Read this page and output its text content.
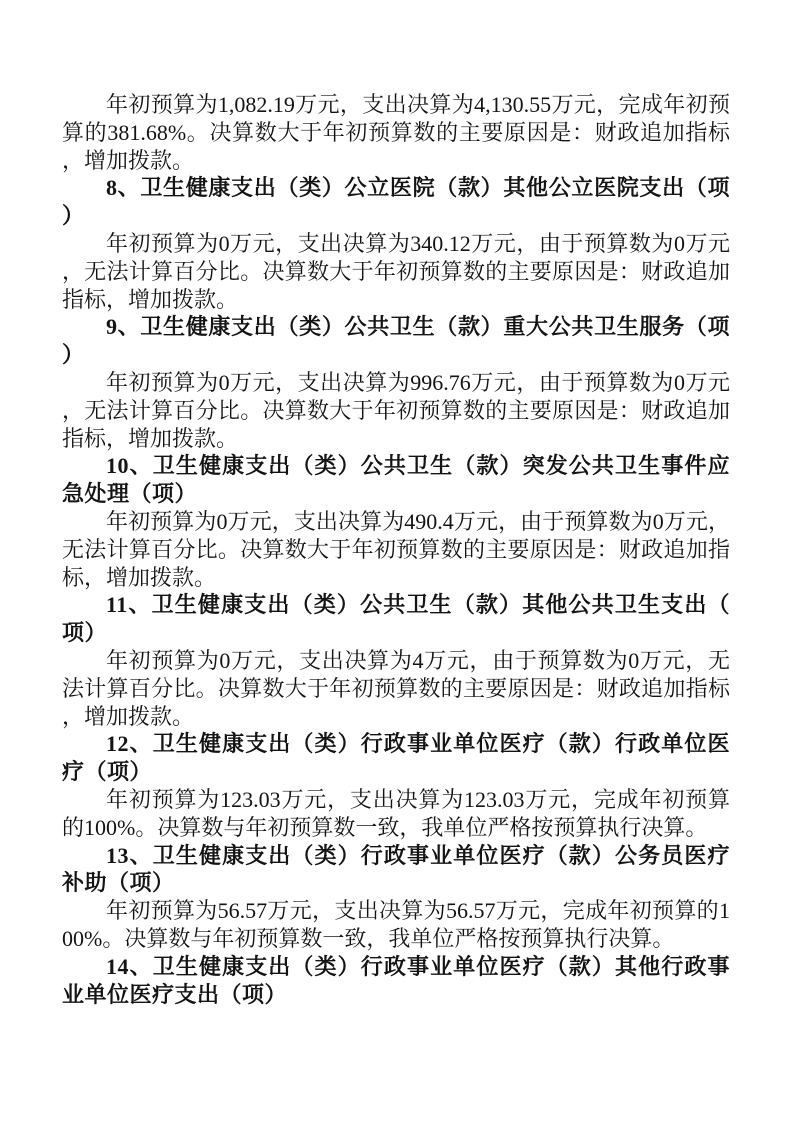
年初预算为1,082.19万元，支出决算为4,130.55万元，完成年初预算的381.68%。决算数大于年初预算数的主要原因是：财政追加指标，增加拨款。

8、卫生健康支出（类）公立医院（款）其他公立医院支出（项）

年初预算为0万元，支出决算为340.12万元，由于预算数为0万元，无法计算百分比。决算数大于年初预算数的主要原因是：财政追加指标，增加拨款。

9、卫生健康支出（类）公共卫生（款）重大公共卫生服务（项）

年初预算为0万元，支出决算为996.76万元，由于预算数为0万元，无法计算百分比。决算数大于年初预算数的主要原因是：财政追加指标，增加拨款。

10、卫生健康支出（类）公共卫生（款）突发公共卫生事件应急处理（项）

年初预算为0万元，支出决算为490.4万元，由于预算数为0万元，无法计算百分比。决算数大于年初预算数的主要原因是：财政追加指标，增加拨款。

11、卫生健康支出（类）公共卫生（款）其他公共卫生支出（项）

年初预算为0万元，支出决算为4万元，由于预算数为0万元，无法计算百分比。决算数大于年初预算数的主要原因是：财政追加指标，增加拨款。

12、卫生健康支出（类）行政事业单位医疗（款）行政单位医疗（项）

年初预算为123.03万元，支出决算为123.03万元，完成年初预算的100%。决算数与年初预算数一致，我单位严格按预算执行决算。

13、卫生健康支出（类）行政事业单位医疗（款）公务员医疗补助（项）

年初预算为56.57万元，支出决算为56.57万元，完成年初预算的100%。决算数与年初预算数一致，我单位严格按预算执行决算。

14、卫生健康支出（类）行政事业单位医疗（款）其他行政事业单位医疗支出（项）
